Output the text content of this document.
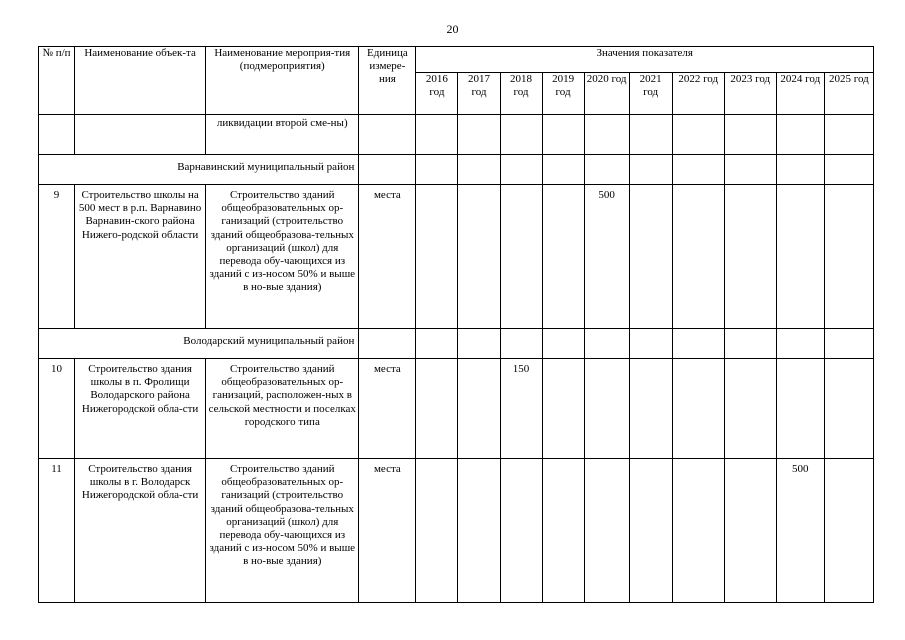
20
№ п/п	Наименование объек-та	Наименование мероприя-тия (подмероприятия)	Единица измере-ния	Значения показателя									
				2016 год	2017 год	2018 год	2019 год	2020 год	2021 год	2022 год	2023 год	2024 год	2025 год
		ликвидации второй сме-ны)											
Варнавинский муниципальный район													
9	Строительство школы на 500 мест в р.п. Варнавино Варнавин-ского района Нижего-родской области	Строительство зданий общеобразовательных ор-ганизаций (строительство зданий общеобразова-тельных организаций (школ) для перевода обу-чающихся из зданий с из-носом 50% и выше в но-вые здания)	места					500					
Володарский муниципальный район													
10	Строительство здания школы в п. Фролищи Володарского района Нижегородской обла-сти	Строительство зданий общеобразовательных ор-ганизаций, расположен-ных в сельской местности и поселках городского типа	места			150							
11	Строительство здания школы в г. Володарск Нижегородской обла-сти	Строительство зданий общеобразовательных ор-ганизаций (строительство зданий общеобразова-тельных организаций (школ) для перевода обу-чающихся из зданий с из-носом 50% и выше в но-вые здания)	места									500	
